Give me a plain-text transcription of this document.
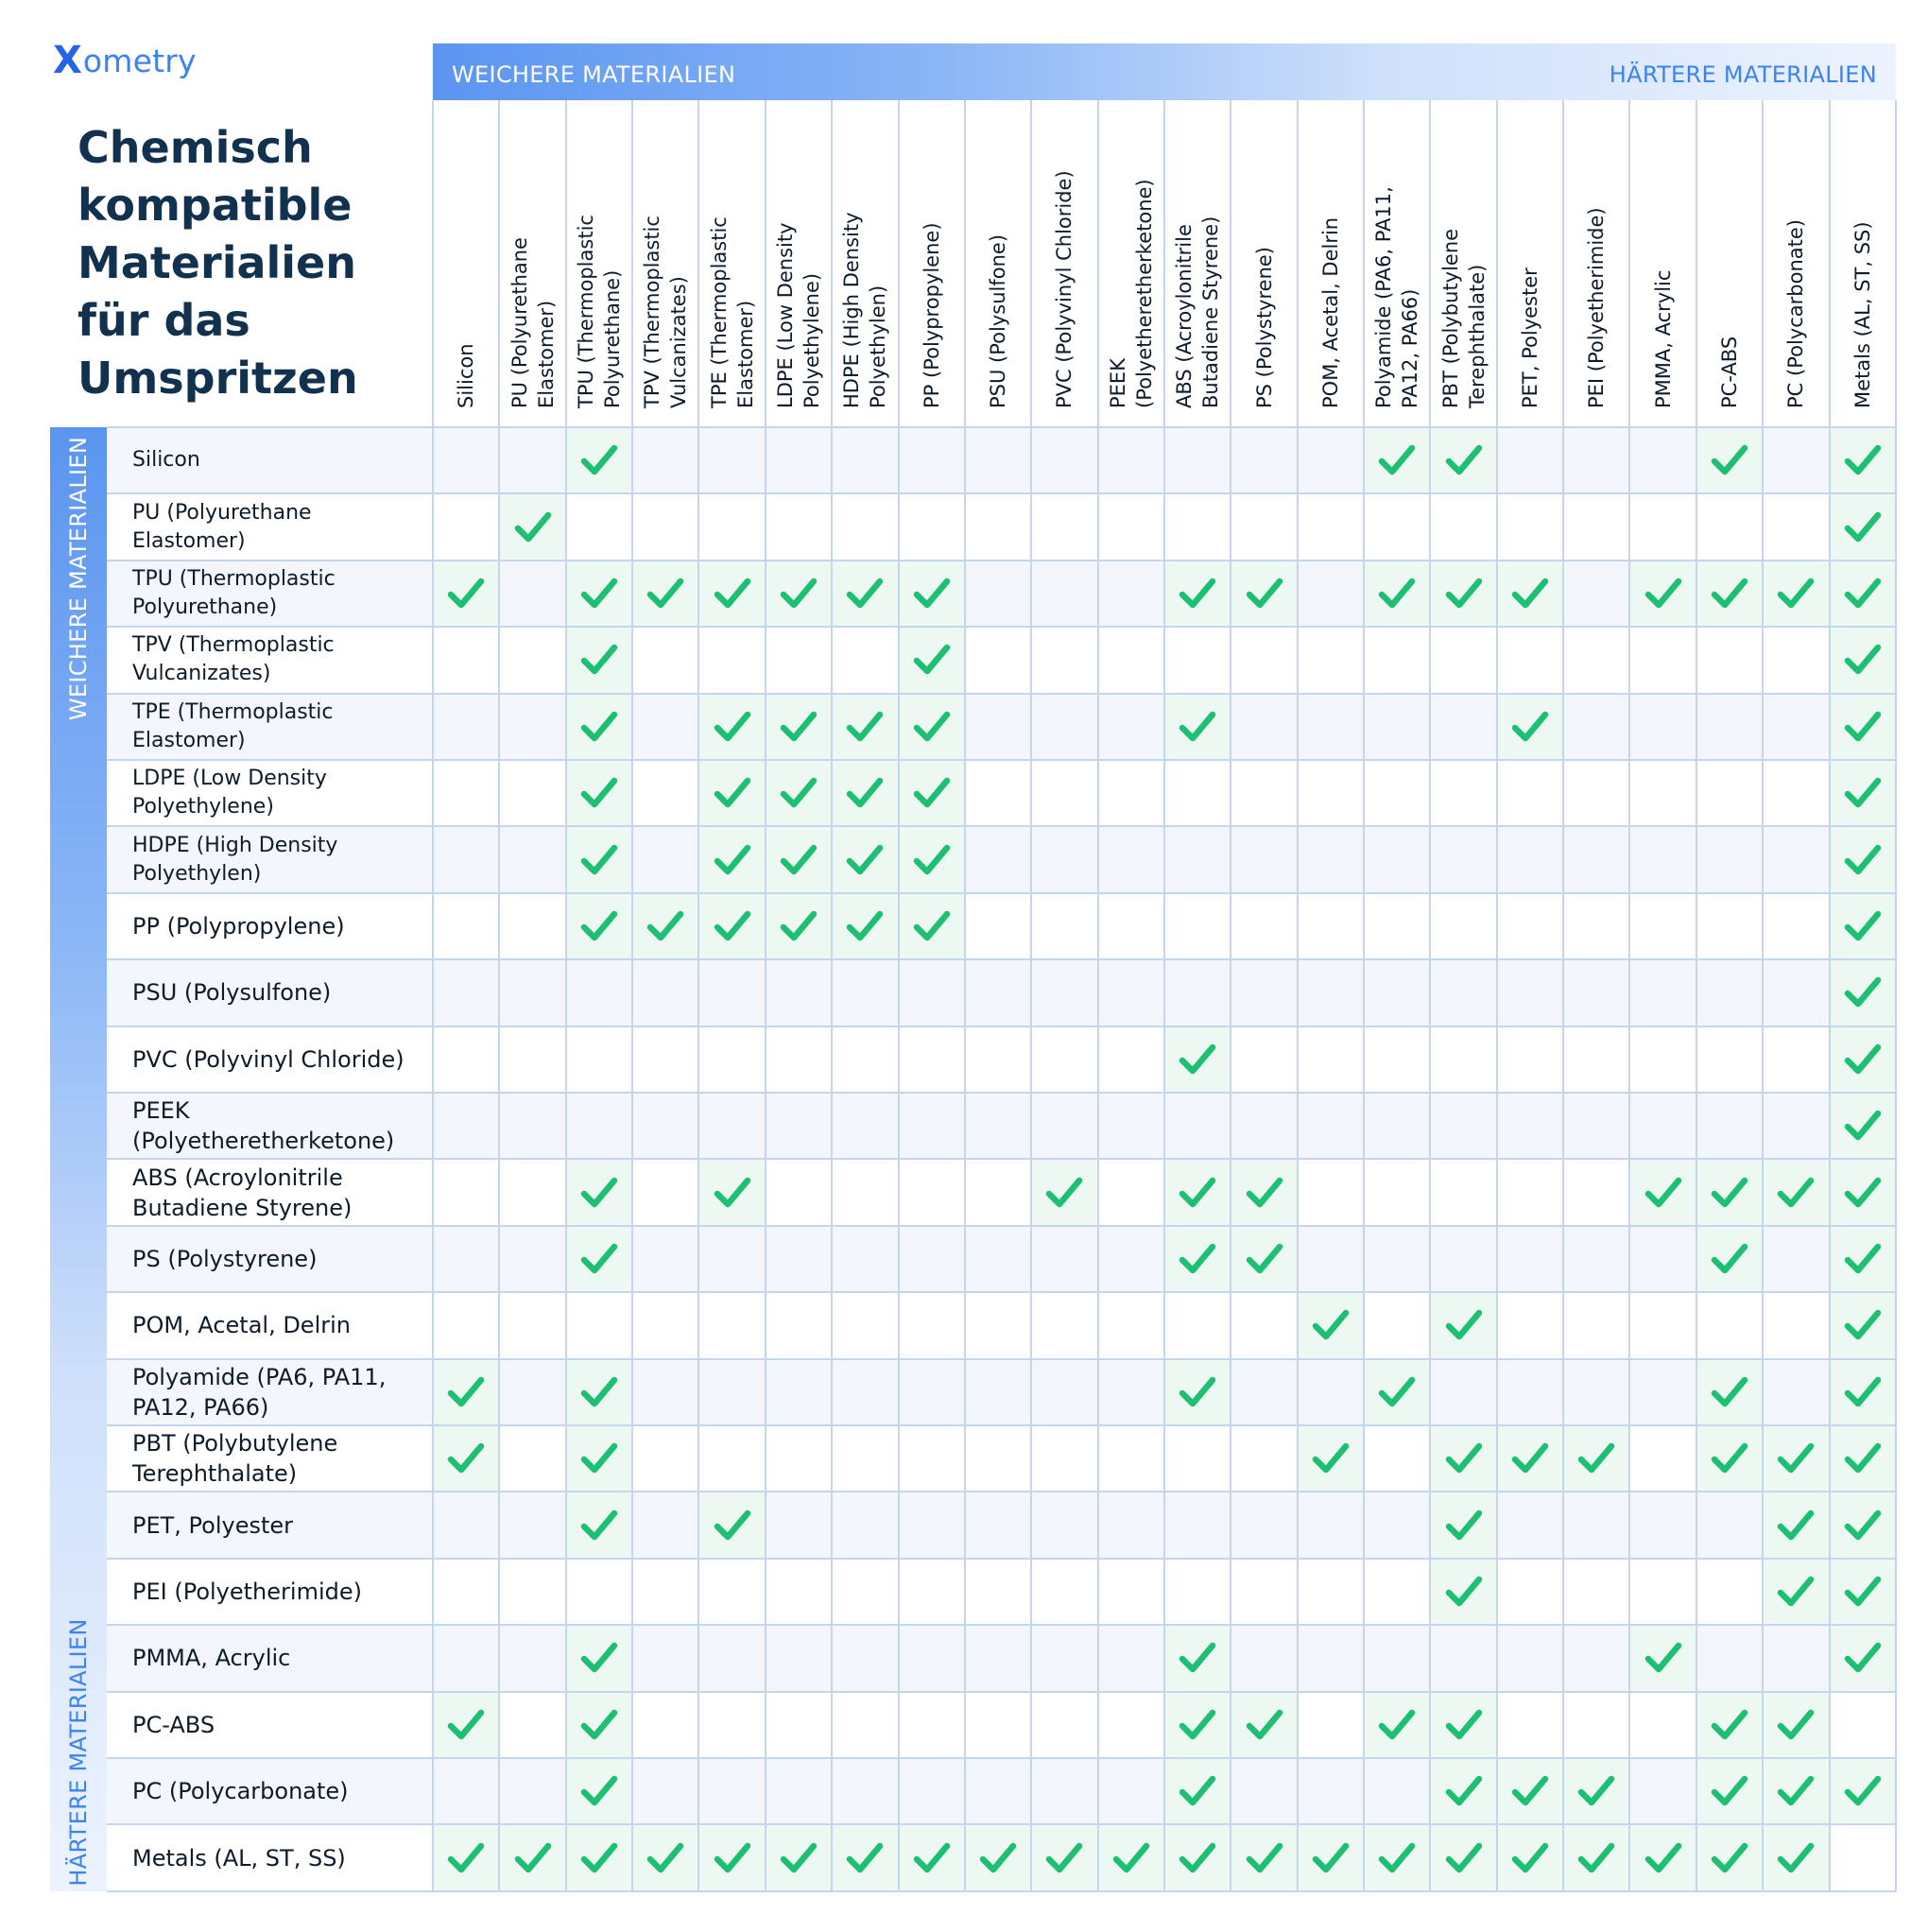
X ometry
Chemisch kompatible Materialien für das Umspritzen
WEICHERE MATERIALIEN	HÄRTERE MATERIALIEN
WEICHERE MATERIALIEN
HÄRTERE MATERIALIEN
Silicon PU (Polyurethane Elastomer) TPU (Thermoplastic Polyurethane) TPV (Thermoplastic Vulcanizates) TPE (Thermoplastic Elastomer) LDPE (Low Density Polyethylene) HDPE (High Density Polyethylen) PP (Polypropylene) PSU (Polysulfone) PVC (Polyvinyl Chloride) PEEK (Polyetheretherketone) ABS (Acroylonitrile Butadiene Styrene) PS (Polystyrene) POM, Acetal, Delrin Polyamide (PA6, PA11, PA12, PA66) PBT (Polybutylene Terephthalate) PET, Polyester PEI (Polyetherimide) PMMA, Acrylic PC-ABS PC (Polycarbonate) Metals (AL, ST, SS)
Silicon
PU (Polyurethane
Elastomer)
TPU (Thermoplastic
Polyurethane)
TPV (Thermoplastic
Vulcanizates)
TPE (Thermoplastic
Elastomer)
LDPE (Low Density
Polyethylene)
HDPE (High Density
Polyethylen)
PP (Polypropylene)
PSU (Polysulfone)
PVC (Polyvinyl Chloride)
PEEK
(Polyetheretherketone)
ABS (Acroylonitrile
Butadiene Styrene)
PS (Polystyrene)
POM, Acetal, Delrin
Polyamide (PA6, PA11,
PA12, PA66)
PBT (Polybutylene
Terephthalate)
PET, Polyester
PEI (Polyetherimide)
PMMA, Acrylic
PC-ABS
PC (Polycarbonate)
Metals (AL, ST, SS)
